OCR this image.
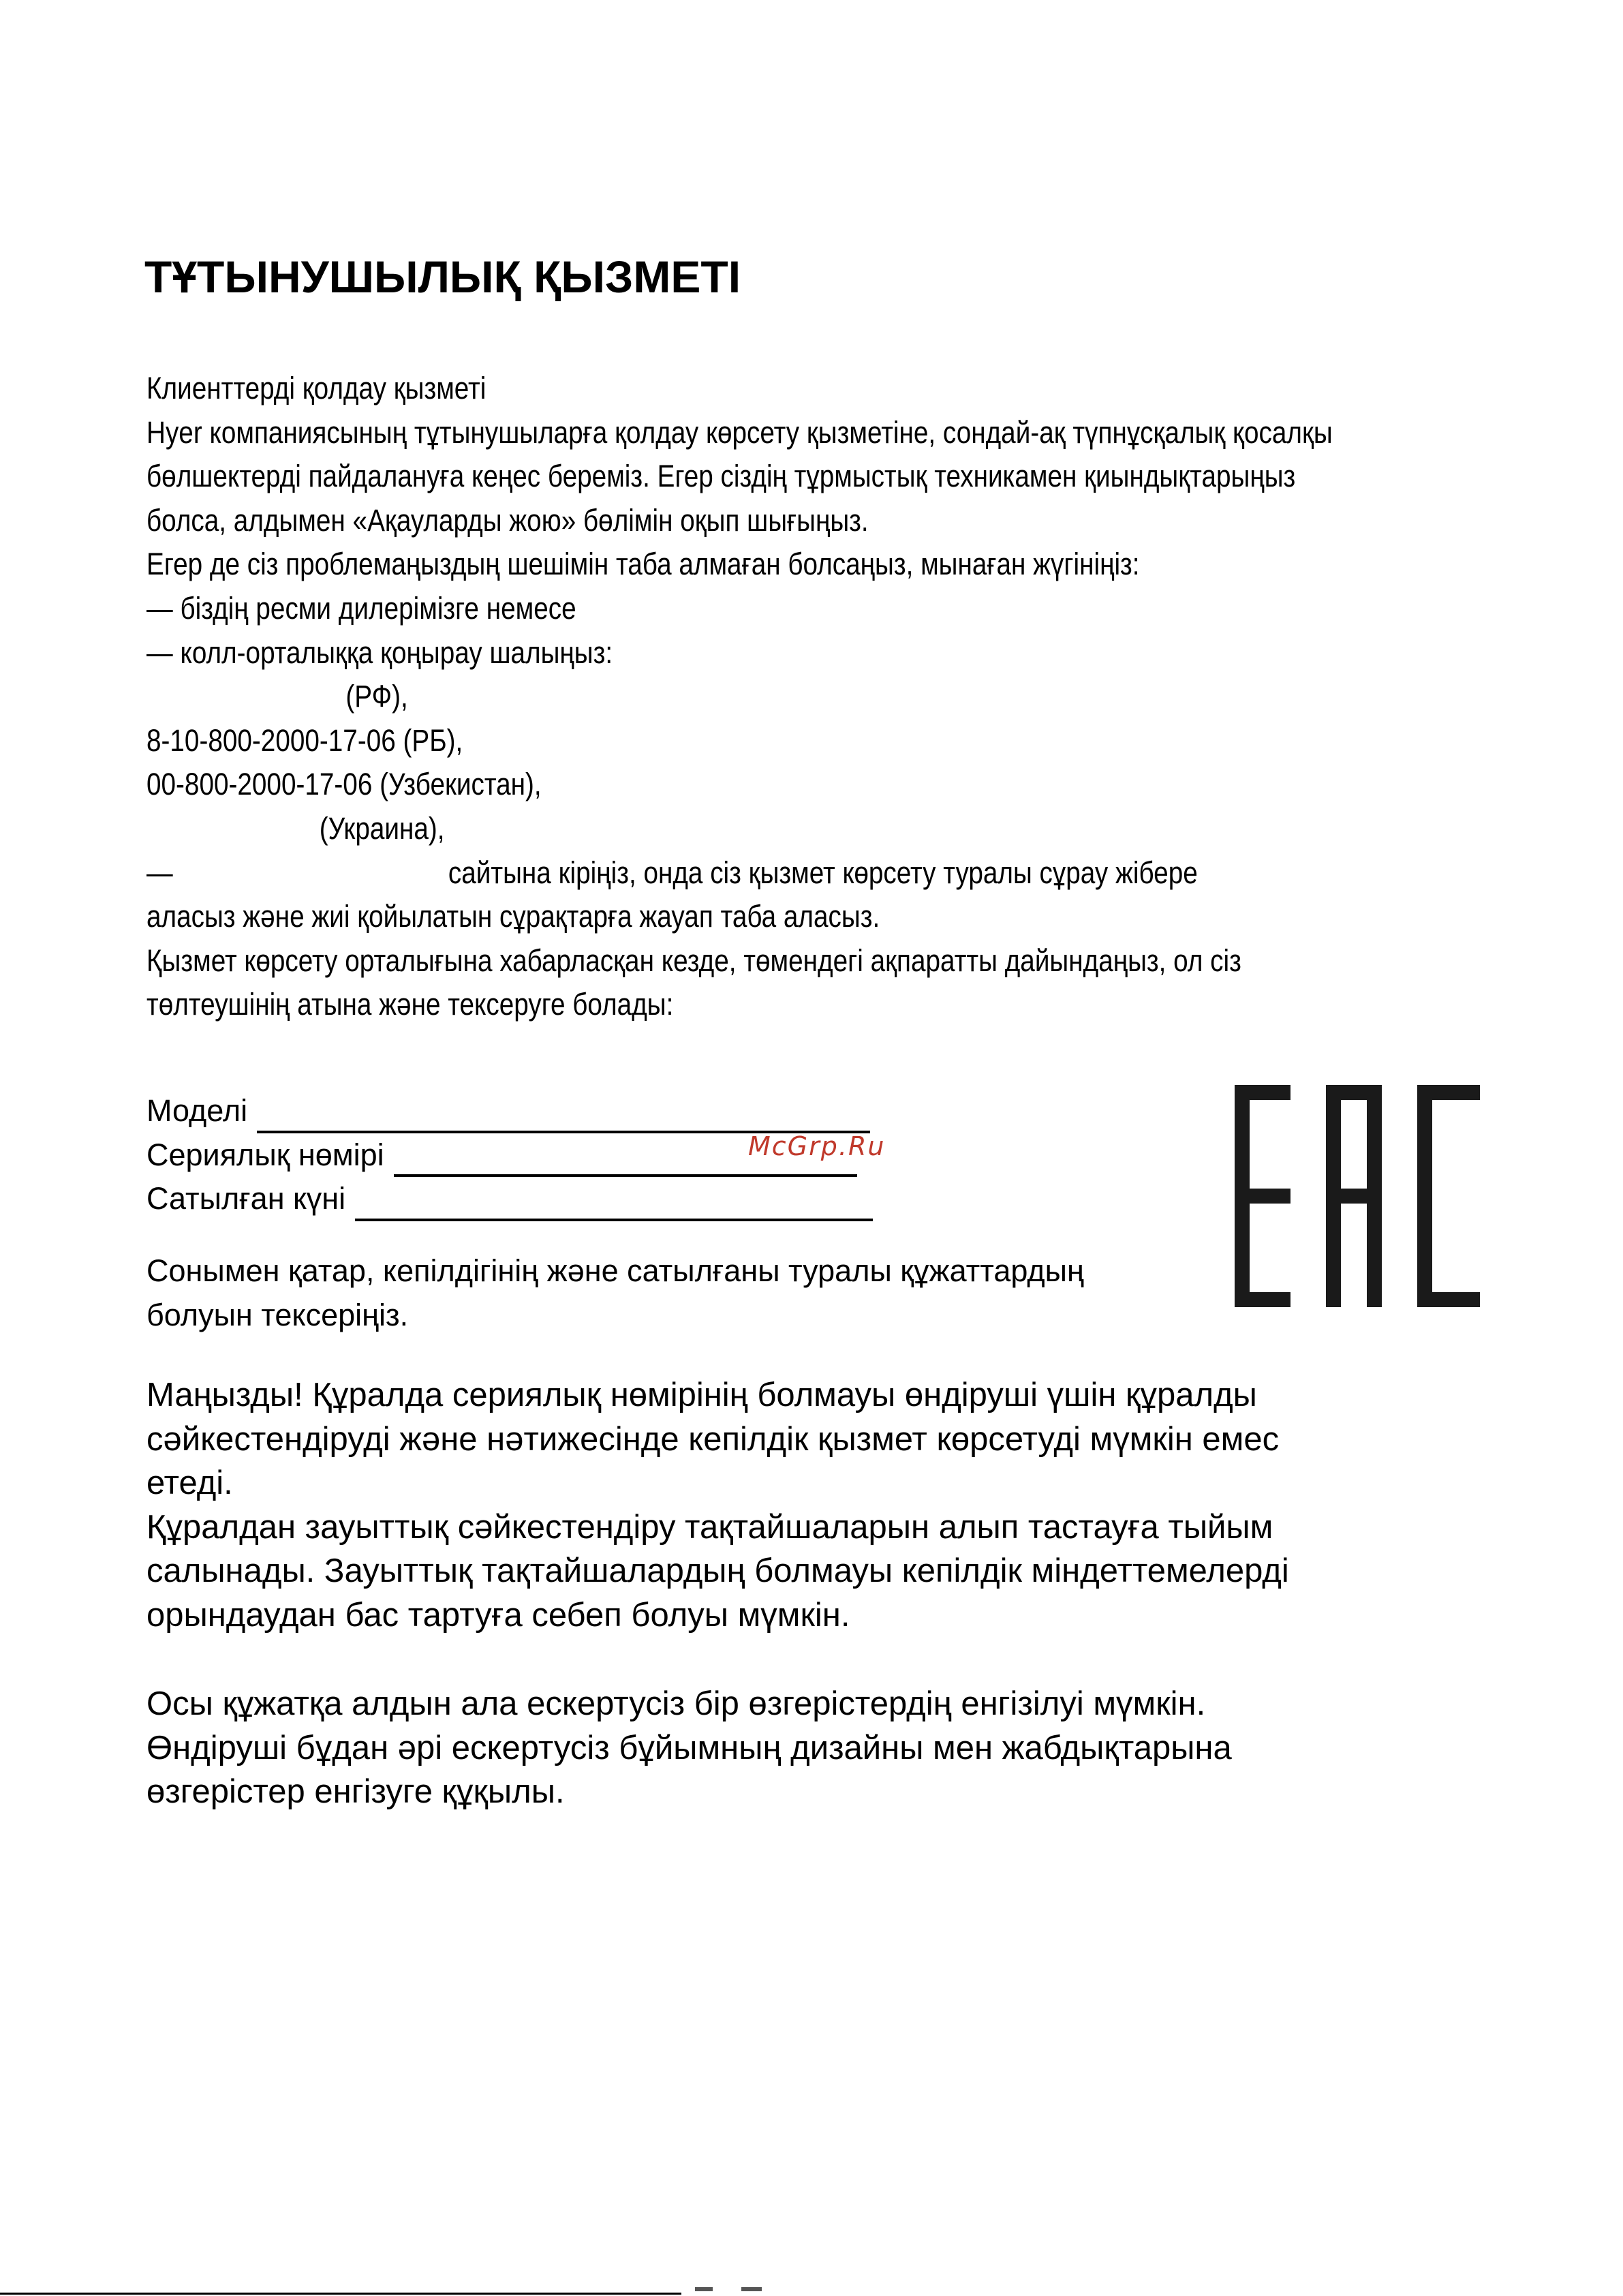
ТҰТЫНУШЫЛЫҚ ҚЫЗМЕТІ
Клиенттерді қолдау қызметі
Hyer компаниясының тұтынушыларға қолдау көрсету қызметіне, сондай-ақ түпнұсқалық қосалқы
бөлшектерді пайдалануға кеңес береміз. Егер сіздің тұрмыстық техникамен қиындықтарыңыз
болса, алдымен «Ақауларды жою» бөлімін оқып шығыңыз.
Егер де сіз проблемаңыздың шешімін таба алмаған болсаңыз, мынаған жүгініңіз:
— біздің ресми дилерімізге немесе
— колл-орталыққа қоңырау шалыңыз:
(РФ),
8-10-800-2000-17-06 (РБ),
00-800-2000-17-06 (Узбекистан),
(Украина),
—	сайтына кіріңіз, онда сіз қызмет көрсету туралы сұрау жібере
аласыз және жиі қойылатын сұрақтарға жауап таба аласыз.
Қызмет көрсету орталығына хабарласқан кезде, төмендегі ақпаратты дайындаңыз, ол сіз
төлтеушінің атына және тексеруге болады:
Моделі
Сериялық нөмірі
Сатылған күні
McGrp.Ru
Сонымен қатар, кепілдігінің және сатылғаны туралы құжаттардың
болуын тексеріңіз.
Маңызды! Құралда сериялық нөмірінің болмауы өндіруші үшін құралды
сәйкестендіруді және нәтижесінде кепілдік қызмет көрсетуді мүмкін емес
етеді.
Құралдан зауыттық сәйкестендіру тақтайшаларын алып тастауға тыйым
салынады. Зауыттық тақтайшалардың болмауы кепілдік міндеттемелерді
орындаудан бас тартуға себеп болуы мүмкін.
Осы құжатқа алдын ала ескертусіз бір өзгерістердің енгізілуі мүмкін.
Өндіруші бұдан әрі ескертусіз бұйымның дизайны мен жабдықтарына
өзгерістер енгізуге құқылы.
